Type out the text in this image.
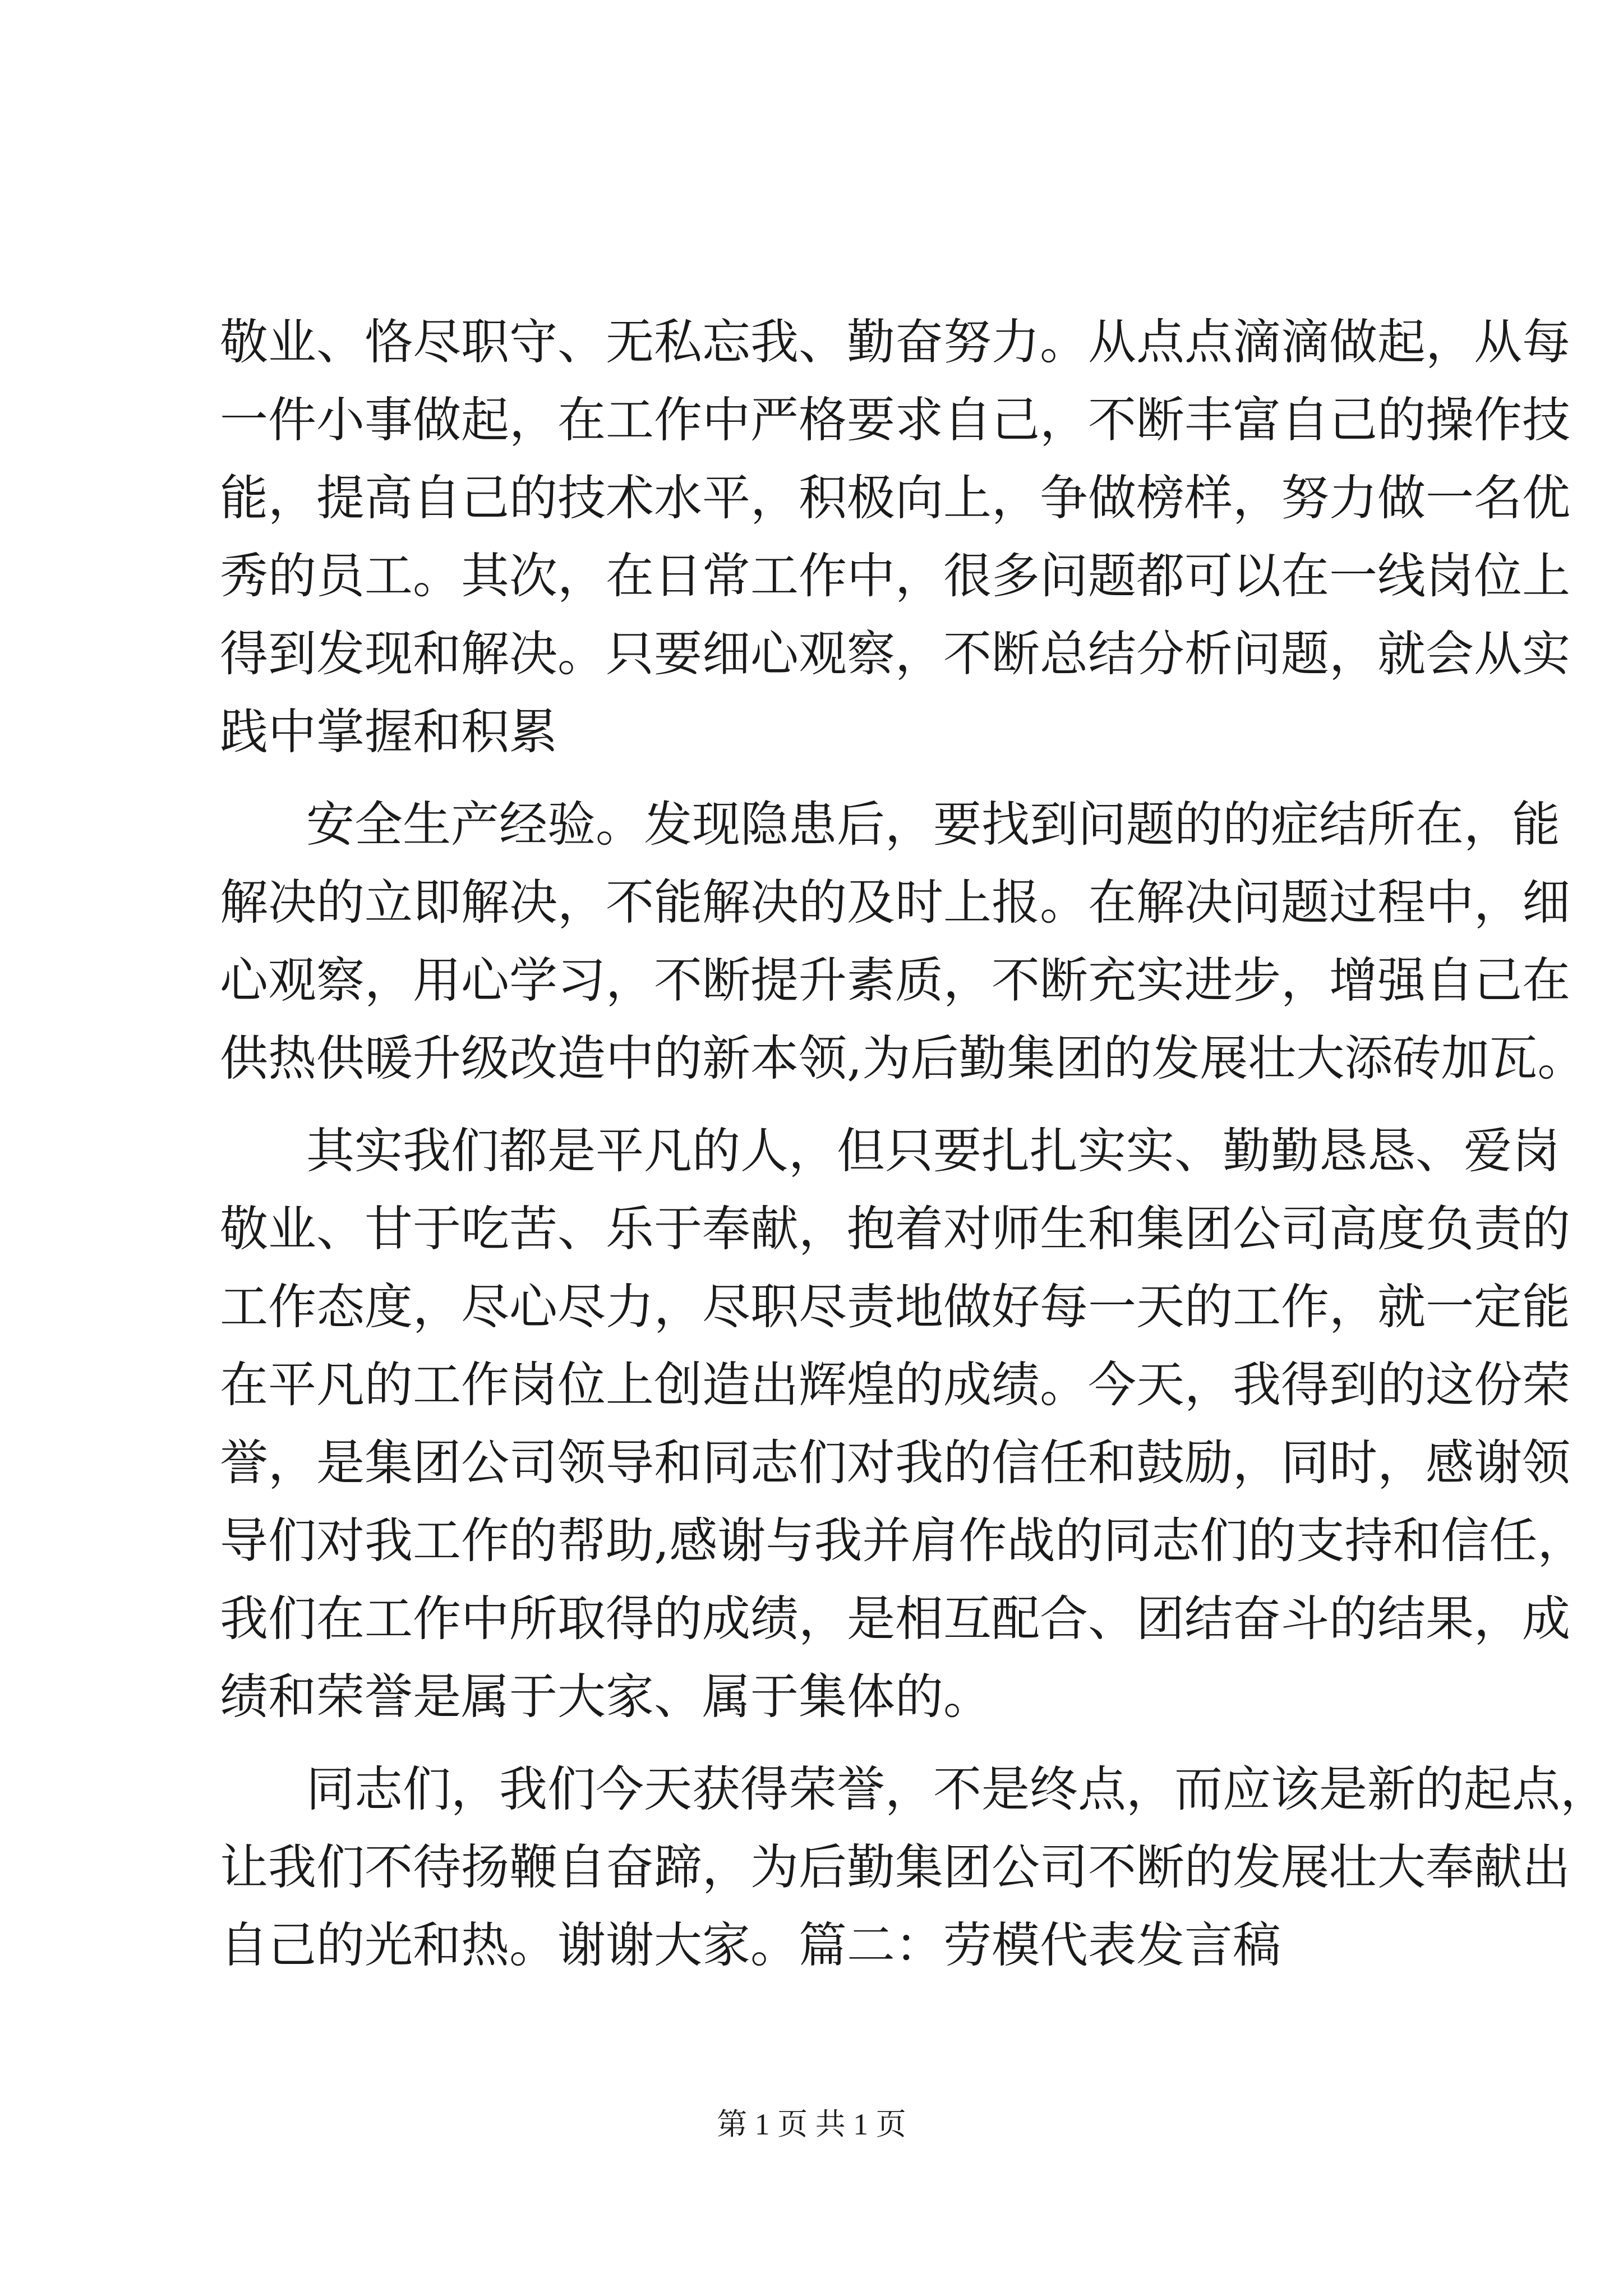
敬业、恪尽职守、无私忘我、勤奋努力。从点点滴滴做起，从每
一件小事做起，在工作中严格要求自己，不断丰富自己的操作技
能，提高自己的技术水平，积极向上，争做榜样，努力做一名优
秀的员工。其次，在日常工作中，很多问题都可以在一线岗位上
得到发现和解决。只要细心观察，不断总结分析问题，就会从实
践中掌握和积累
安全生产经验。发现隐患后，要找到问题的的症结所在，能
解决的立即解决，不能解决的及时上报。在解决问题过程中，细
心观察，用心学习，不断提升素质，不断充实进步，增强自己在
供热供暖升级改造中的新本领,为后勤集团的发展壮大添砖加瓦。
其实我们都是平凡的人，但只要扎扎实实、勤勤恳恳、爱岗
敬业、甘于吃苦、乐于奉献，抱着对师生和集团公司高度负责的
工作态度，尽心尽力，尽职尽责地做好每一天的工作，就一定能
在平凡的工作岗位上创造出辉煌的成绩。今天，我得到的这份荣
誉，是集团公司领导和同志们对我的信任和鼓励，同时，感谢领
导们对我工作的帮助,感谢与我并肩作战的同志们的支持和信任，
我们在工作中所取得的成绩，是相互配合、团结奋斗的结果，成
绩和荣誉是属于大家、属于集体的。
同志们，我们今天获得荣誉，不是终点，而应该是新的起点，
让我们不待扬鞭自奋蹄，为后勤集团公司不断的发展壮大奉献出
自己的光和热。谢谢大家。篇二：劳模代表发言稿
第 1 页 共 1 页
